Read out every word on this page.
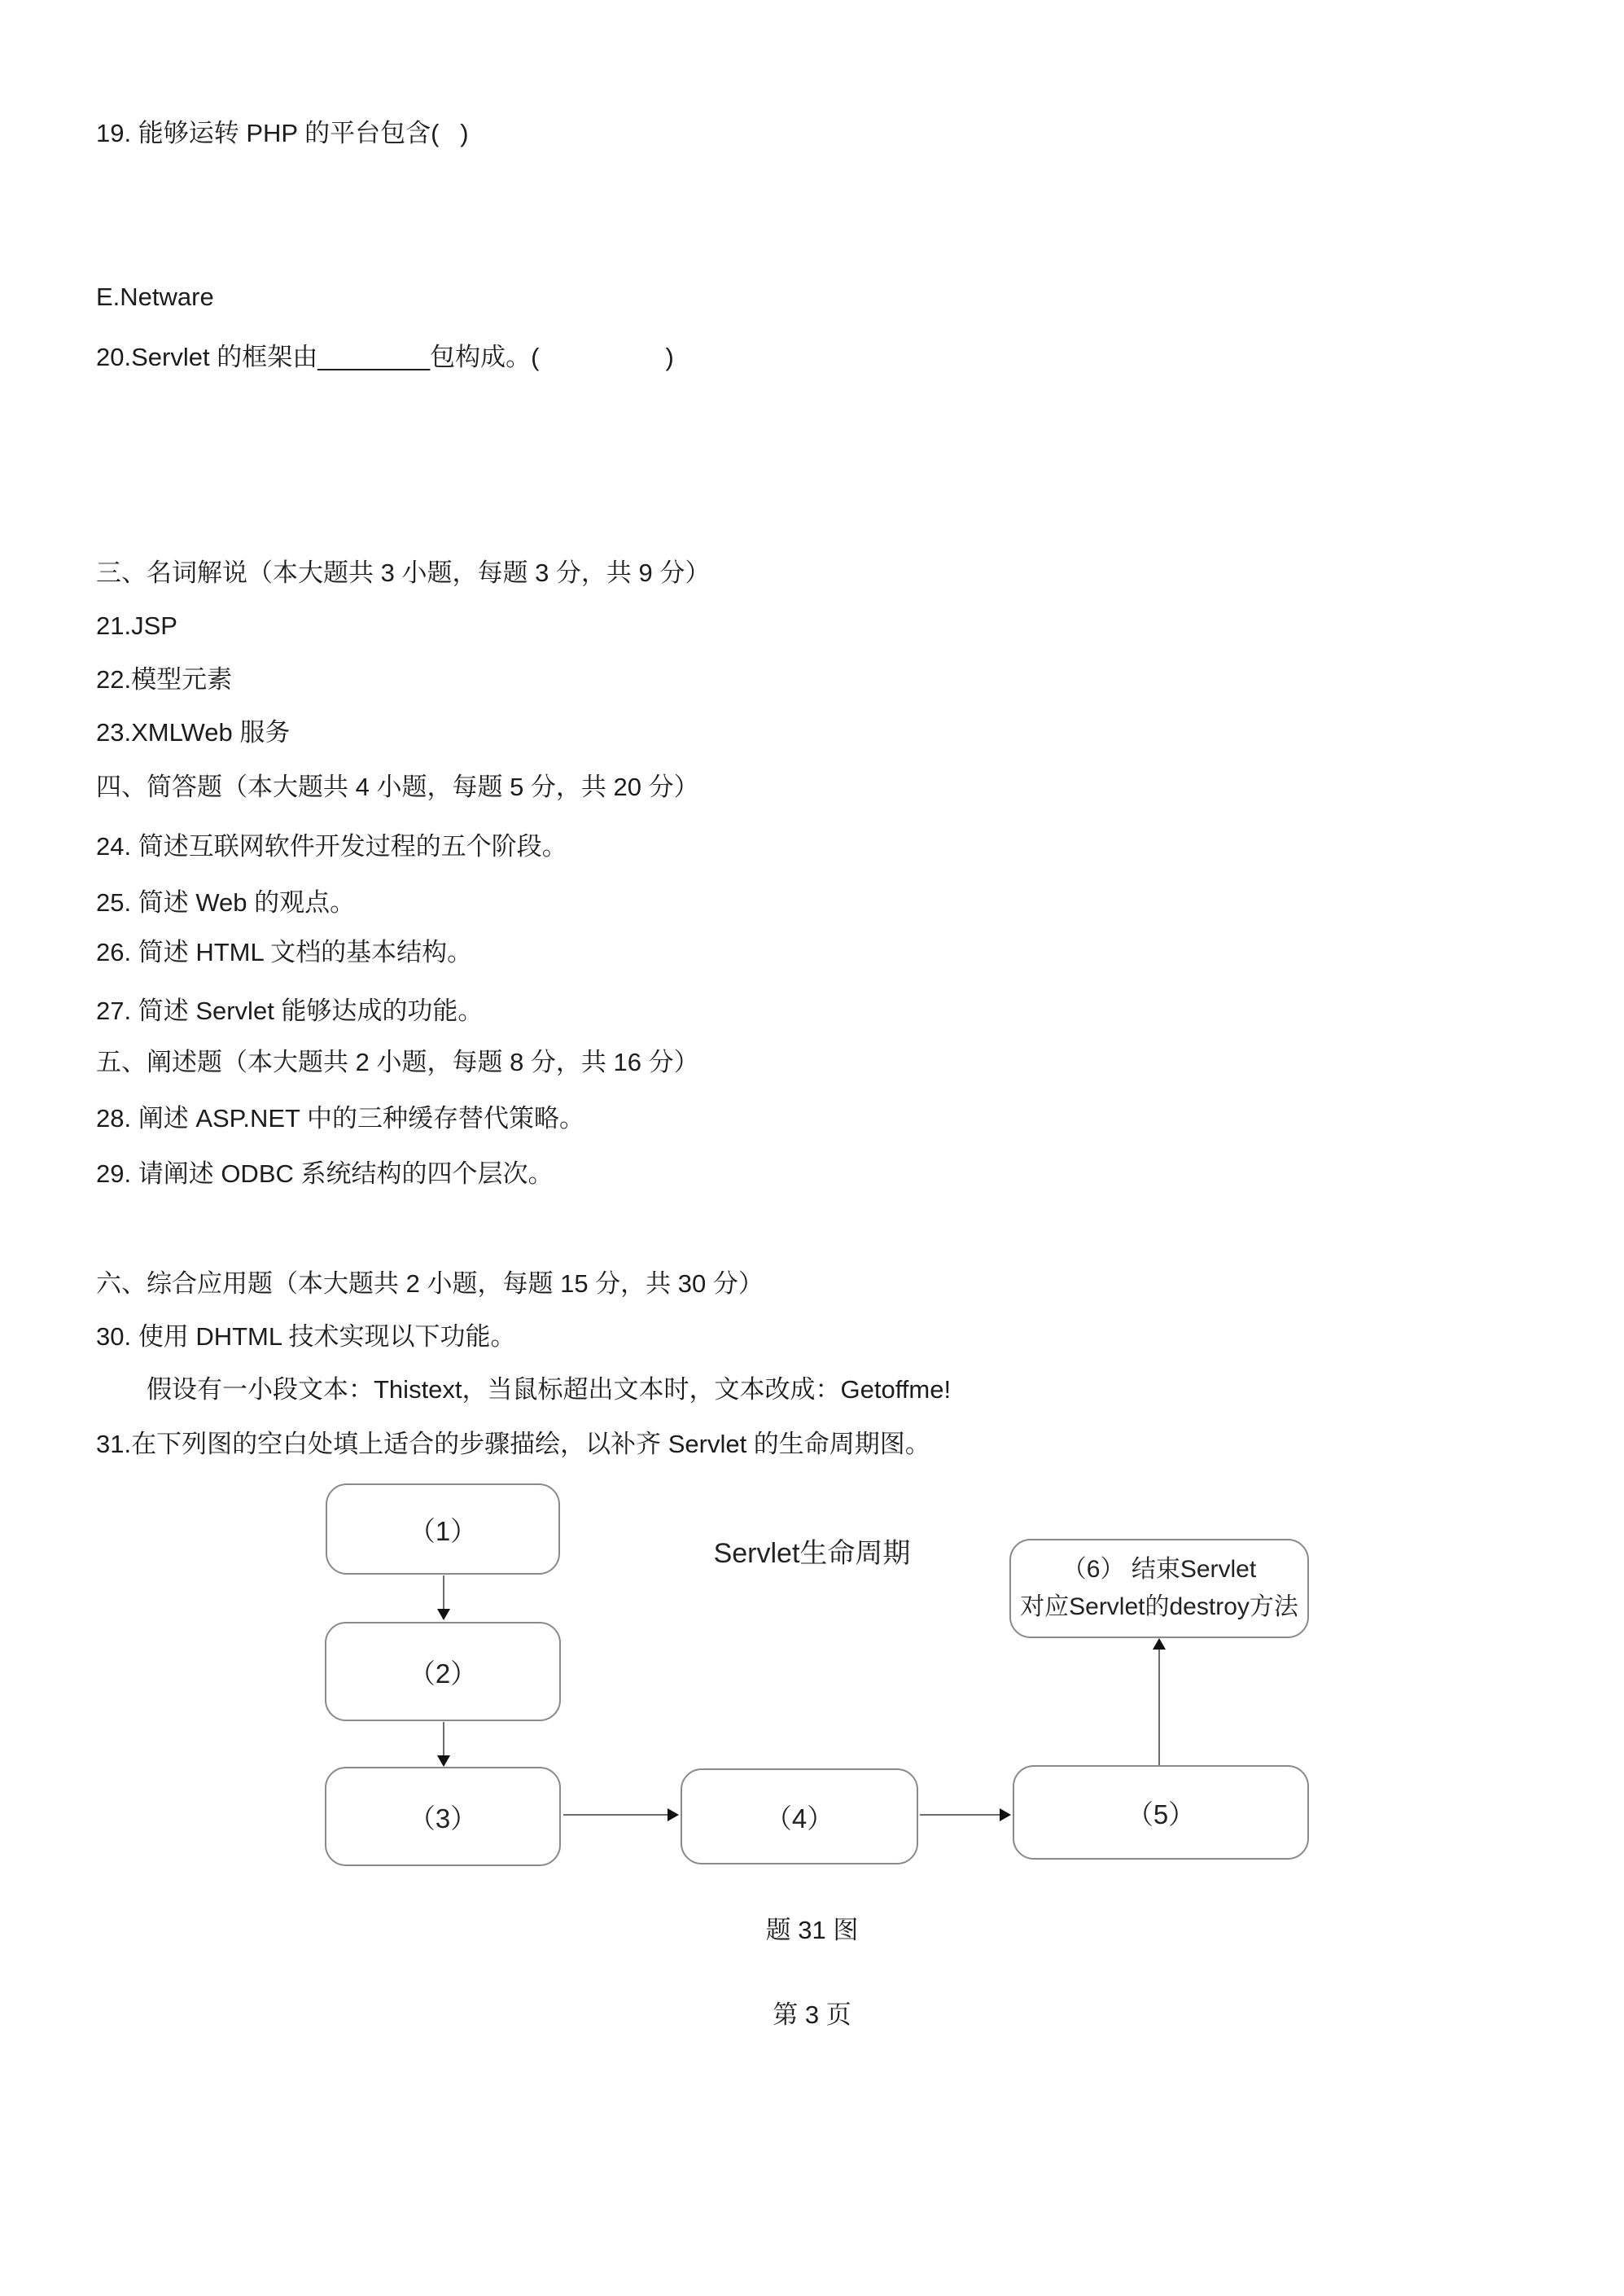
19. 能够运转 PHP 的平台包含(   )
E.Netware
20.Servlet 的框架由________包构成。(                  )
三、名词解说（本大题共 3 小题，每题 3 分，共 9 分）
21.JSP
22.模型元素
23.XMLWeb 服务
四、简答题（本大题共 4 小题，每题 5 分，共 20 分）
24. 简述互联网软件开发过程的五个阶段。
25. 简述 Web 的观点。
26. 简述 HTML 文档的基本结构。
27. 简述 Servlet 能够达成的功能。
五、阐述题（本大题共 2 小题，每题 8 分，共 16 分）
28. 阐述 ASP.NET 中的三种缓存替代策略。
29. 请阐述 ODBC 系统结构的四个层次。
六、综合应用题（本大题共 2 小题，每题 15 分，共 30 分）
30. 使用 DHTML 技术实现以下功能。
假设有一小段文本：Thistext，当鼠标超出文本时，文本改成：Getoffme!
31.在下列图的空白处填上适合的步骤描绘，以补齐 Servlet 的生命周期图。
Servlet生命周期
（1）
（2）
（3）	（4）	（5）
（6） 结束Servlet
对应Servlet的destroy方法
题 31 图
第 3 页
